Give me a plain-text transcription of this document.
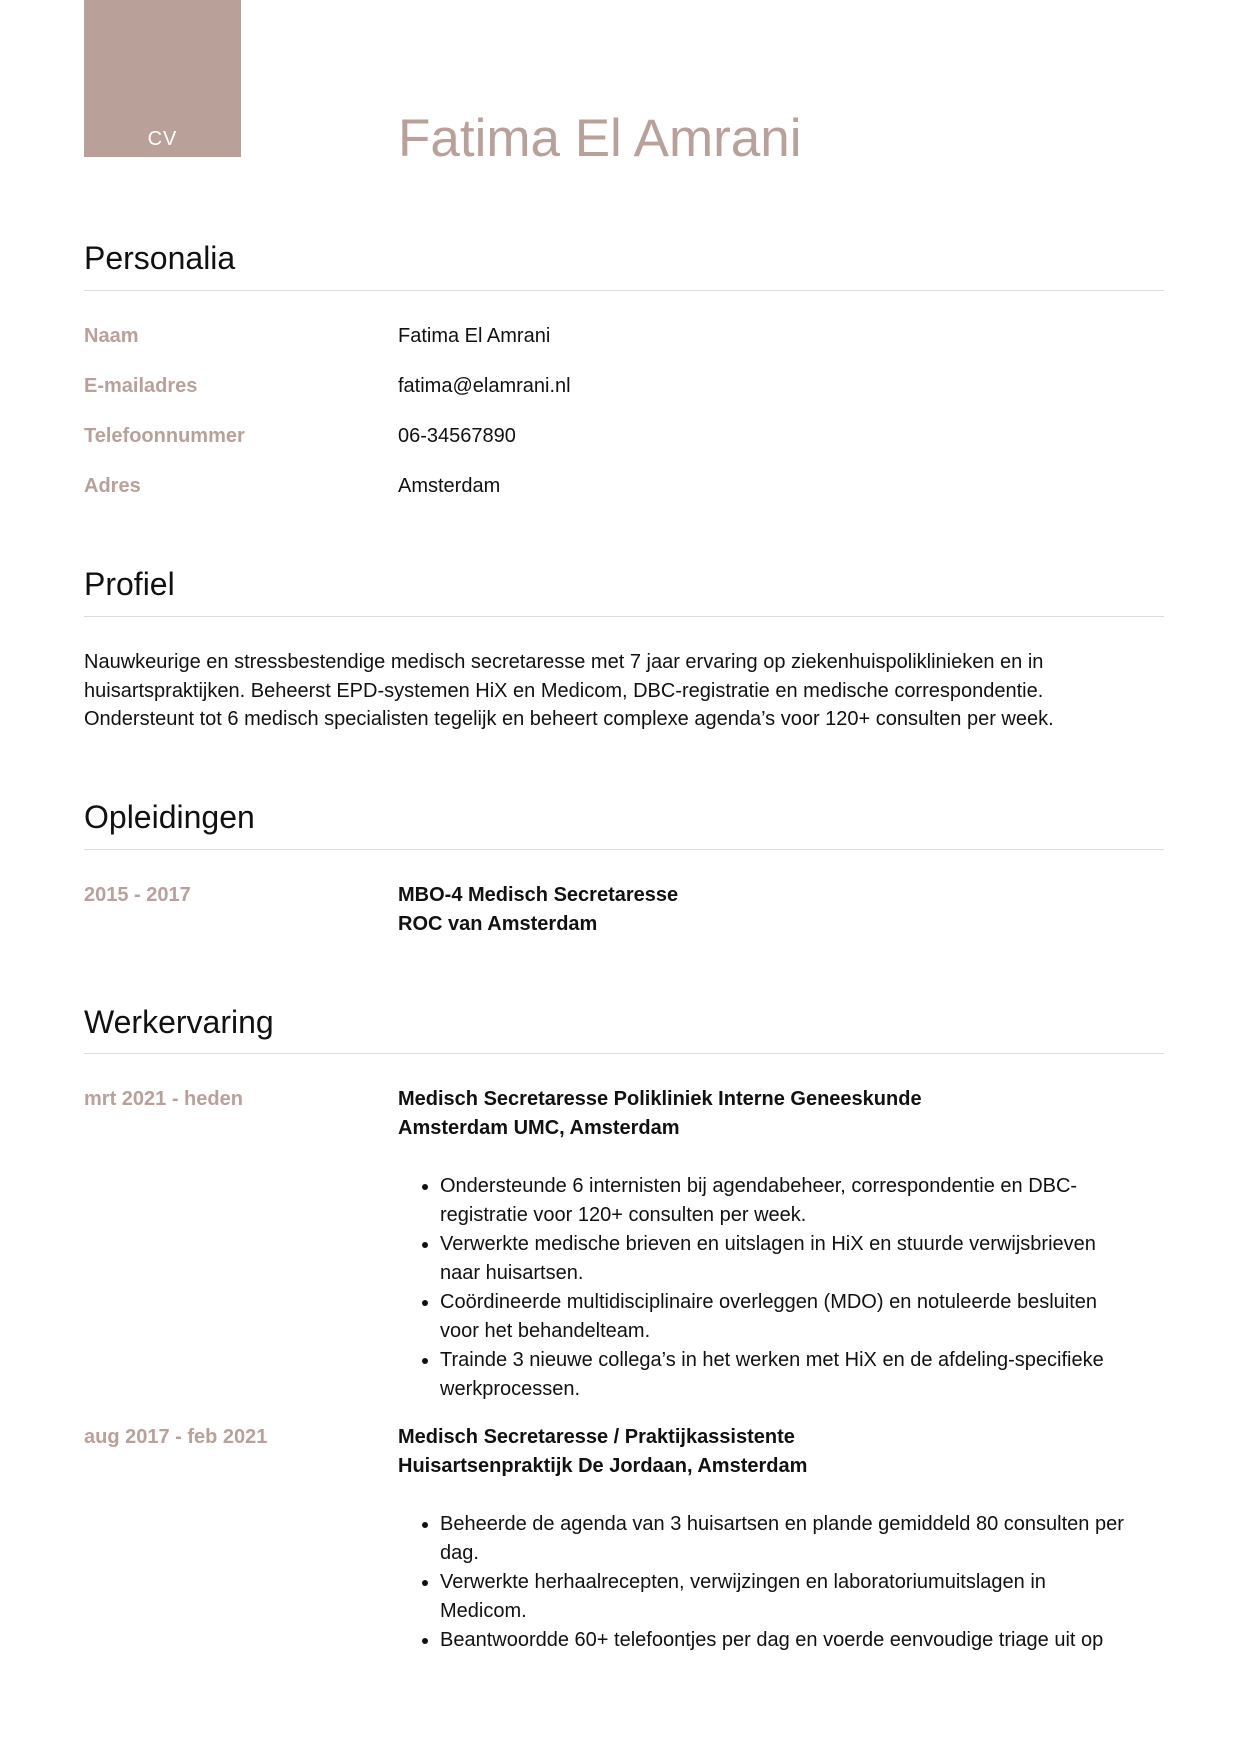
CV	Fatima El Amrani
Personalia
Naam	Fatima El Amrani
E-mailadres	fatima@elamrani.nl
Telefoonnummer	06-34567890
Adres	Amsterdam
Profiel
Nauwkeurige en stressbestendige medisch secretaresse met 7 jaar ervaring op ziekenhuispoliklinieken en in
huisartspraktijken. Beheerst EPD-systemen HiX en Medicom, DBC-registratie en medische correspondentie.
Ondersteunt tot 6 medisch specialisten tegelijk en beheert complexe agenda’s voor 120+ consulten per week.
Opleidingen
2015 - 2017	MBO-4 Medisch Secretaresse
ROC van Amsterdam
Werkervaring
mrt 2021 - heden	Medisch Secretaresse Polikliniek Interne Geneeskunde
Amsterdam UMC, Amsterdam
• Ondersteunde 6 internisten bij agendabeheer, correspondentie en DBC-
registratie voor 120+ consulten per week.
• Verwerkte medische brieven en uitslagen in HiX en stuurde verwijsbrieven
naar huisartsen.
• Coördineerde multidisciplinaire overleggen (MDO) en notuleerde besluiten
voor het behandelteam.
• Trainde 3 nieuwe collega’s in het werken met HiX en de afdeling-specifieke
werkprocessen.
aug 2017 - feb 2021	Medisch Secretaresse / Praktijkassistente
Huisartsenpraktijk De Jordaan, Amsterdam
• Beheerde de agenda van 3 huisartsen en plande gemiddeld 80 consulten per
dag.
• Verwerkte herhaalrecepten, verwijzingen en laboratoriumuitslagen in
Medicom.
• Beantwoordde 60+ telefoontjes per dag en voerde eenvoudige triage uit op
